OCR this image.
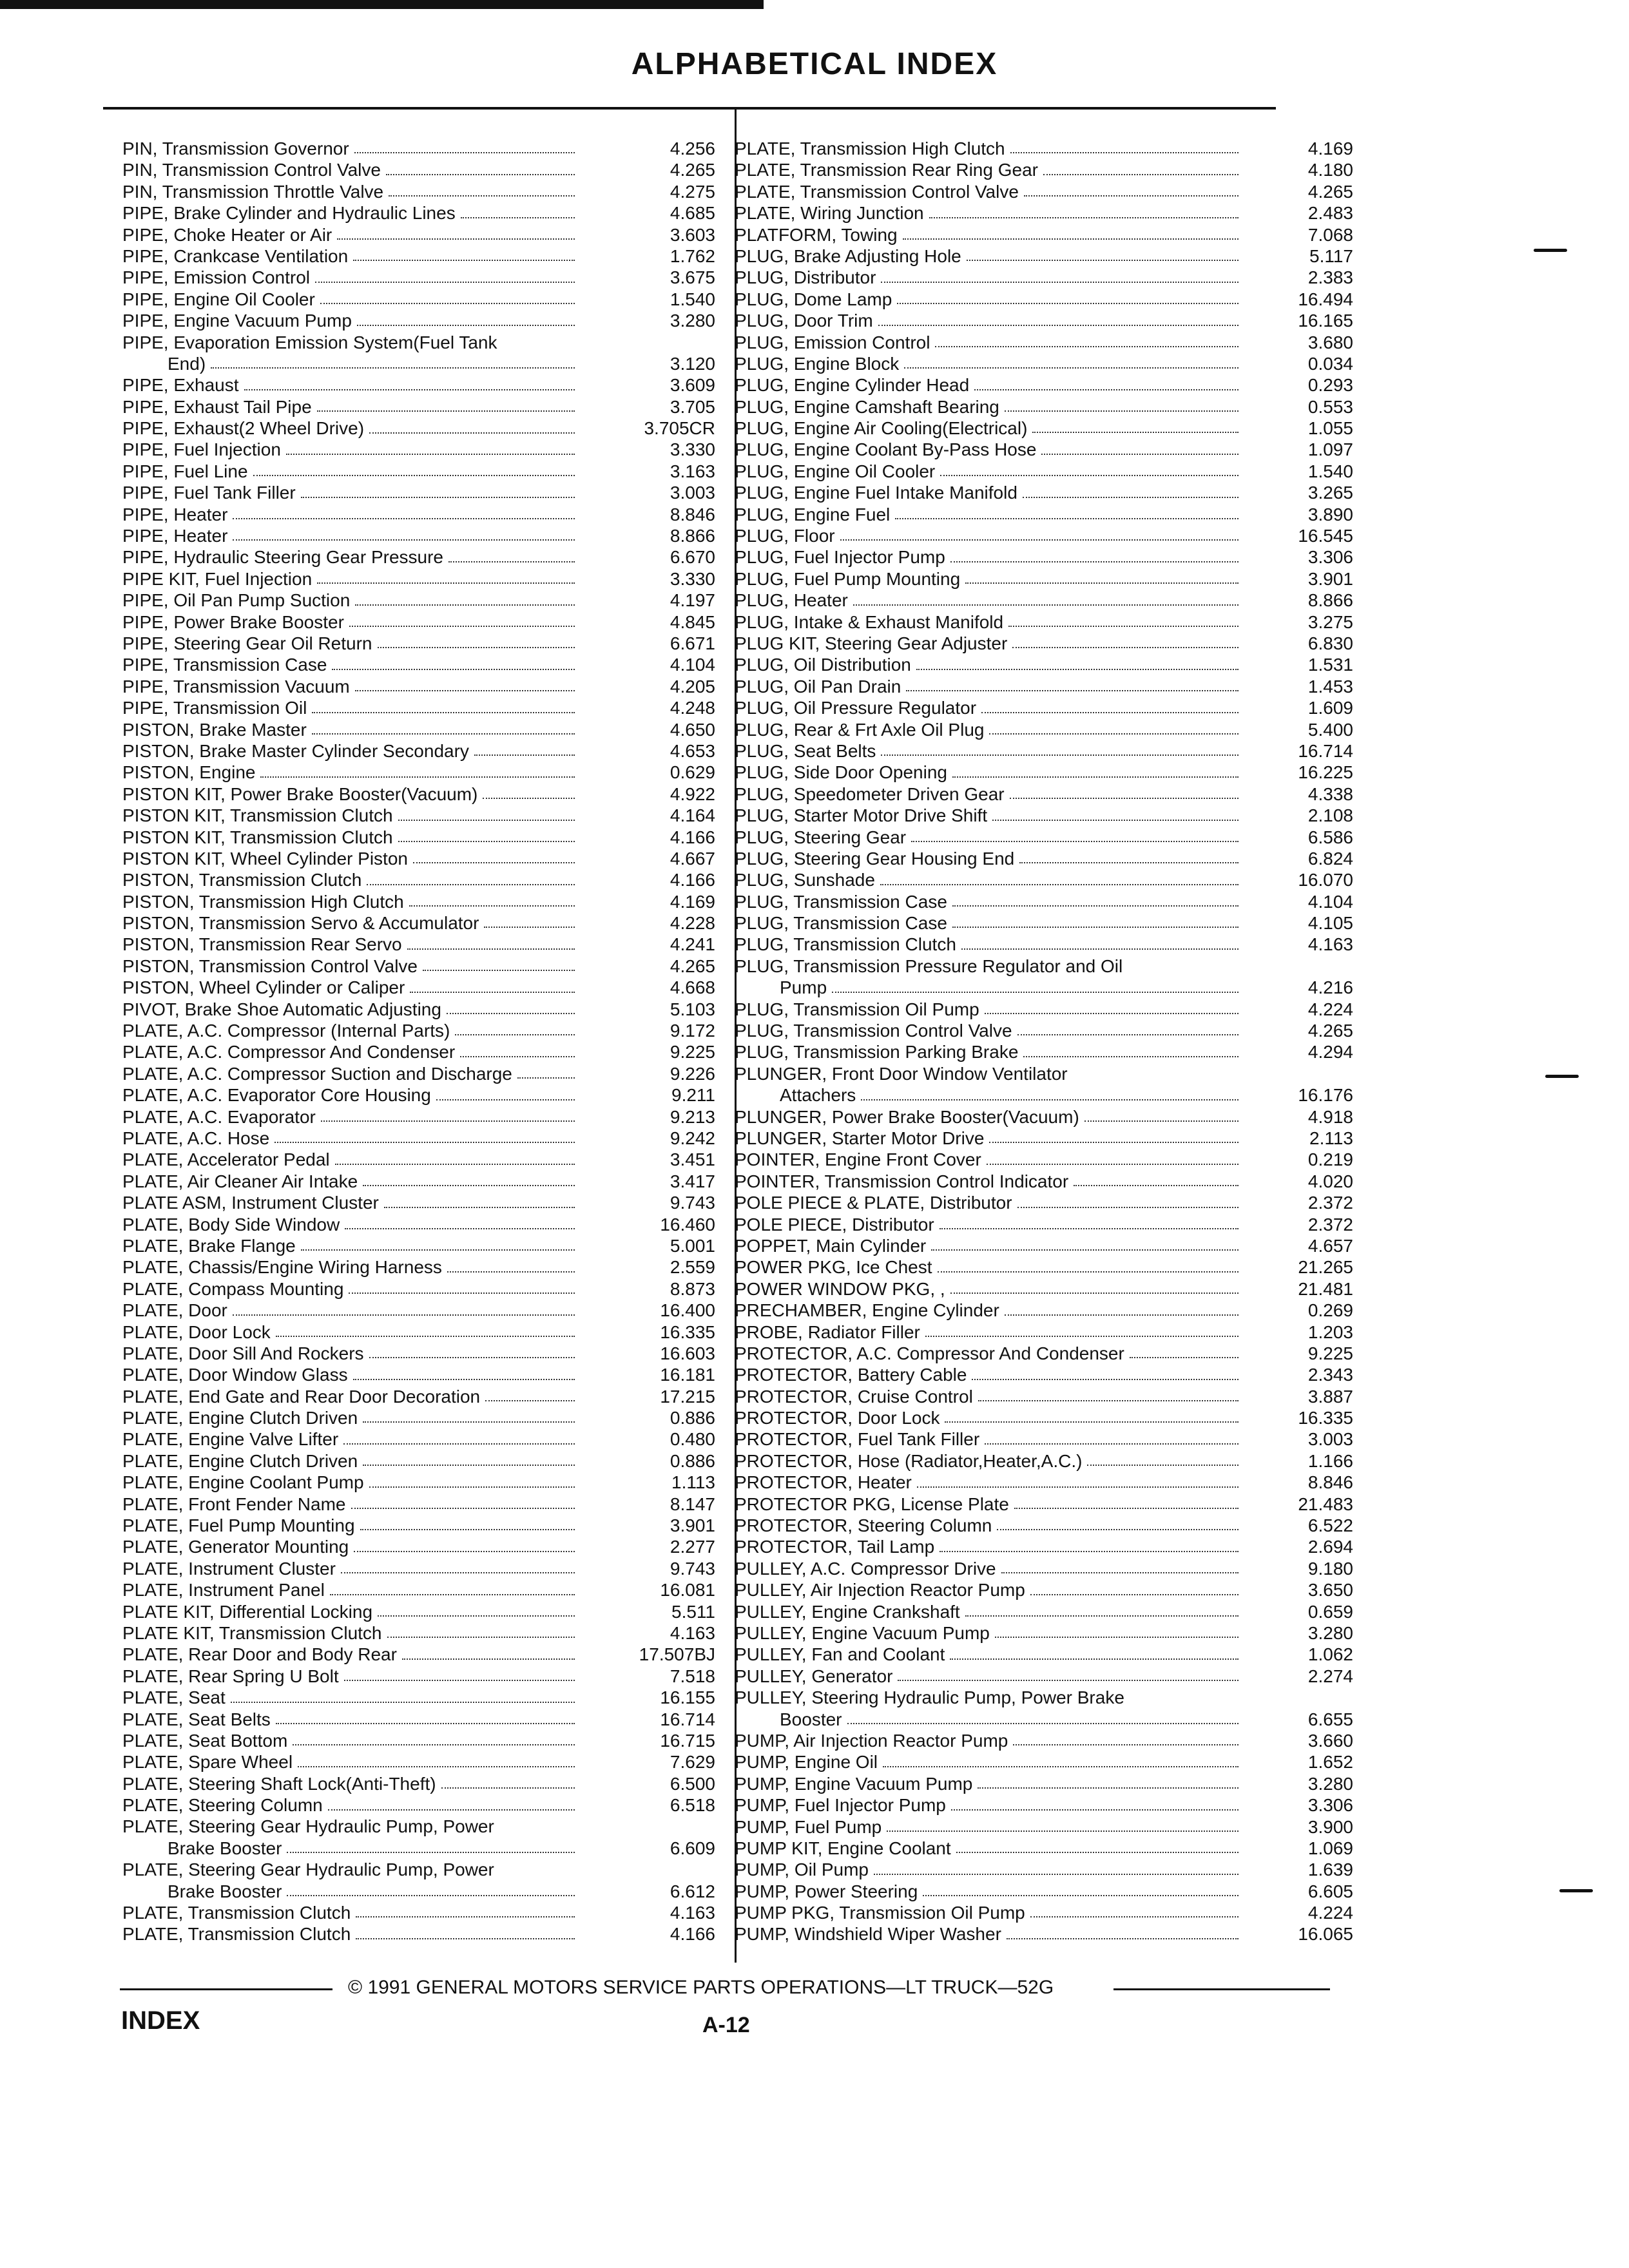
ALPHABETICAL INDEX
PIN, Transmission Governor	4.256
PIN, Transmission Control Valve	4.265
PIN, Transmission Throttle Valve	4.275
PIPE, Brake Cylinder and Hydraulic Lines	4.685
PIPE, Choke Heater or Air	3.603
PIPE, Crankcase Ventilation	1.762
PIPE, Emission Control	3.675
PIPE, Engine Oil Cooler	1.540
PIPE, Engine Vacuum Pump	3.280
PIPE, Evaporation Emission System(Fuel Tank
End)	3.120
PIPE, Exhaust	3.609
PIPE, Exhaust Tail Pipe	3.705
PIPE, Exhaust(2 Wheel Drive)	3.705CR
PIPE, Fuel Injection	3.330
PIPE, Fuel Line	3.163
PIPE, Fuel Tank Filler	3.003
PIPE, Heater	8.846
PIPE, Heater	8.866
PIPE, Hydraulic Steering Gear Pressure	6.670
PIPE KIT, Fuel Injection	3.330
PIPE, Oil Pan Pump Suction	4.197
PIPE, Power Brake Booster	4.845
PIPE, Steering Gear Oil Return	6.671
PIPE, Transmission Case	4.104
PIPE, Transmission Vacuum	4.205
PIPE, Transmission Oil	4.248
PISTON, Brake Master	4.650
PISTON, Brake Master Cylinder Secondary	4.653
PISTON, Engine	0.629
PISTON KIT, Power Brake Booster(Vacuum)	4.922
PISTON KIT, Transmission Clutch	4.164
PISTON KIT, Transmission Clutch	4.166
PISTON KIT, Wheel Cylinder Piston	4.667
PISTON, Transmission Clutch	4.166
PISTON, Transmission High Clutch	4.169
PISTON, Transmission Servo & Accumulator	4.228
PISTON, Transmission Rear Servo	4.241
PISTON, Transmission Control Valve	4.265
PISTON, Wheel Cylinder or Caliper	4.668
PIVOT, Brake Shoe Automatic Adjusting	5.103
PLATE, A.C. Compressor (Internal Parts)	9.172
PLATE, A.C. Compressor And Condenser	9.225
PLATE, A.C. Compressor Suction and Discharge	9.226
PLATE, A.C. Evaporator Core Housing	9.211
PLATE, A.C. Evaporator	9.213
PLATE, A.C. Hose	9.242
PLATE, Accelerator Pedal	3.451
PLATE, Air Cleaner Air Intake	3.417
PLATE ASM, Instrument Cluster	9.743
PLATE, Body Side Window	16.460
PLATE, Brake Flange	5.001
PLATE, Chassis/Engine Wiring Harness	2.559
PLATE, Compass Mounting	8.873
PLATE, Door	16.400
PLATE, Door Lock	16.335
PLATE, Door Sill And Rockers	16.603
PLATE, Door Window Glass	16.181
PLATE, End Gate and Rear Door Decoration	17.215
PLATE, Engine Clutch Driven	0.886
PLATE, Engine Valve Lifter	0.480
PLATE, Engine Clutch Driven	0.886
PLATE, Engine Coolant Pump	1.113
PLATE, Front Fender Name	8.147
PLATE, Fuel Pump Mounting	3.901
PLATE, Generator Mounting	2.277
PLATE, Instrument Cluster	9.743
PLATE, Instrument Panel	16.081
PLATE KIT, Differential Locking	5.511
PLATE KIT, Transmission Clutch	4.163
PLATE, Rear Door and Body Rear	17.507BJ
PLATE, Rear Spring U Bolt	7.518
PLATE, Seat	16.155
PLATE, Seat Belts	16.714
PLATE, Seat Bottom	16.715
PLATE, Spare Wheel	7.629
PLATE, Steering Shaft Lock(Anti-Theft)	6.500
PLATE, Steering Column	6.518
PLATE, Steering Gear Hydraulic Pump, Power
Brake Booster	6.609
PLATE, Steering Gear Hydraulic Pump, Power
Brake Booster	6.612
PLATE, Transmission Clutch	4.163
PLATE, Transmission Clutch	4.166
PLATE, Transmission High Clutch	4.169
PLATE, Transmission Rear Ring Gear	4.180
PLATE, Transmission Control Valve	4.265
PLATE, Wiring Junction	2.483
PLATFORM, Towing	7.068
PLUG, Brake Adjusting Hole	5.117
PLUG, Distributor	2.383
PLUG, Dome Lamp	16.494
PLUG, Door Trim	16.165
PLUG, Emission Control	3.680
PLUG, Engine Block	0.034
PLUG, Engine Cylinder Head	0.293
PLUG, Engine Camshaft Bearing	0.553
PLUG, Engine Air Cooling(Electrical)	1.055
PLUG, Engine Coolant By-Pass Hose	1.097
PLUG, Engine Oil Cooler	1.540
PLUG, Engine Fuel Intake Manifold	3.265
PLUG, Engine Fuel	3.890
PLUG, Floor	16.545
PLUG, Fuel Injector Pump	3.306
PLUG, Fuel Pump Mounting	3.901
PLUG, Heater	8.866
PLUG, Intake & Exhaust Manifold	3.275
PLUG KIT, Steering Gear Adjuster	6.830
PLUG, Oil Distribution	1.531
PLUG, Oil Pan Drain	1.453
PLUG, Oil Pressure Regulator	1.609
PLUG, Rear & Frt Axle Oil Plug	5.400
PLUG, Seat Belts	16.714
PLUG, Side Door Opening	16.225
PLUG, Speedometer Driven Gear	4.338
PLUG, Starter Motor Drive Shift	2.108
PLUG, Steering Gear	6.586
PLUG, Steering Gear Housing End	6.824
PLUG, Sunshade	16.070
PLUG, Transmission Case	4.104
PLUG, Transmission Case	4.105
PLUG, Transmission Clutch	4.163
PLUG, Transmission Pressure Regulator and Oil
Pump	4.216
PLUG, Transmission Oil Pump	4.224
PLUG, Transmission Control Valve	4.265
PLUG, Transmission Parking Brake	4.294
PLUNGER, Front Door Window Ventilator
Attachers	16.176
PLUNGER, Power Brake Booster(Vacuum)	4.918
PLUNGER, Starter Motor Drive	2.113
POINTER, Engine Front Cover	0.219
POINTER, Transmission Control Indicator	4.020
POLE PIECE & PLATE, Distributor	2.372
POLE PIECE, Distributor	2.372
POPPET, Main Cylinder	4.657
POWER PKG, Ice Chest	21.265
POWER WINDOW PKG, ,	21.481
PRECHAMBER, Engine Cylinder	0.269
PROBE, Radiator Filler	1.203
PROTECTOR, A.C. Compressor And Condenser	9.225
PROTECTOR, Battery Cable	2.343
PROTECTOR, Cruise Control	3.887
PROTECTOR, Door Lock	16.335
PROTECTOR, Fuel Tank Filler	3.003
PROTECTOR, Hose (Radiator,Heater,A.C.)	1.166
PROTECTOR, Heater	8.846
PROTECTOR PKG, License Plate	21.483
PROTECTOR, Steering Column	6.522
PROTECTOR, Tail Lamp	2.694
PULLEY, A.C. Compressor Drive	9.180
PULLEY, Air Injection Reactor Pump	3.650
PULLEY, Engine Crankshaft	0.659
PULLEY, Engine Vacuum Pump	3.280
PULLEY, Fan and Coolant	1.062
PULLEY, Generator	2.274
PULLEY, Steering Hydraulic Pump, Power Brake
Booster	6.655
PUMP, Air Injection Reactor Pump	3.660
PUMP, Engine Oil	1.652
PUMP, Engine Vacuum Pump	3.280
PUMP, Fuel Injector Pump	3.306
PUMP, Fuel Pump	3.900
PUMP KIT, Engine Coolant	1.069
PUMP, Oil Pump	1.639
PUMP, Power Steering	6.605
PUMP PKG, Transmission Oil Pump	4.224
PUMP, Windshield Wiper Washer	16.065
© 1991 GENERAL MOTORS SERVICE PARTS OPERATIONS—LT TRUCK—52G
INDEX	A-12
